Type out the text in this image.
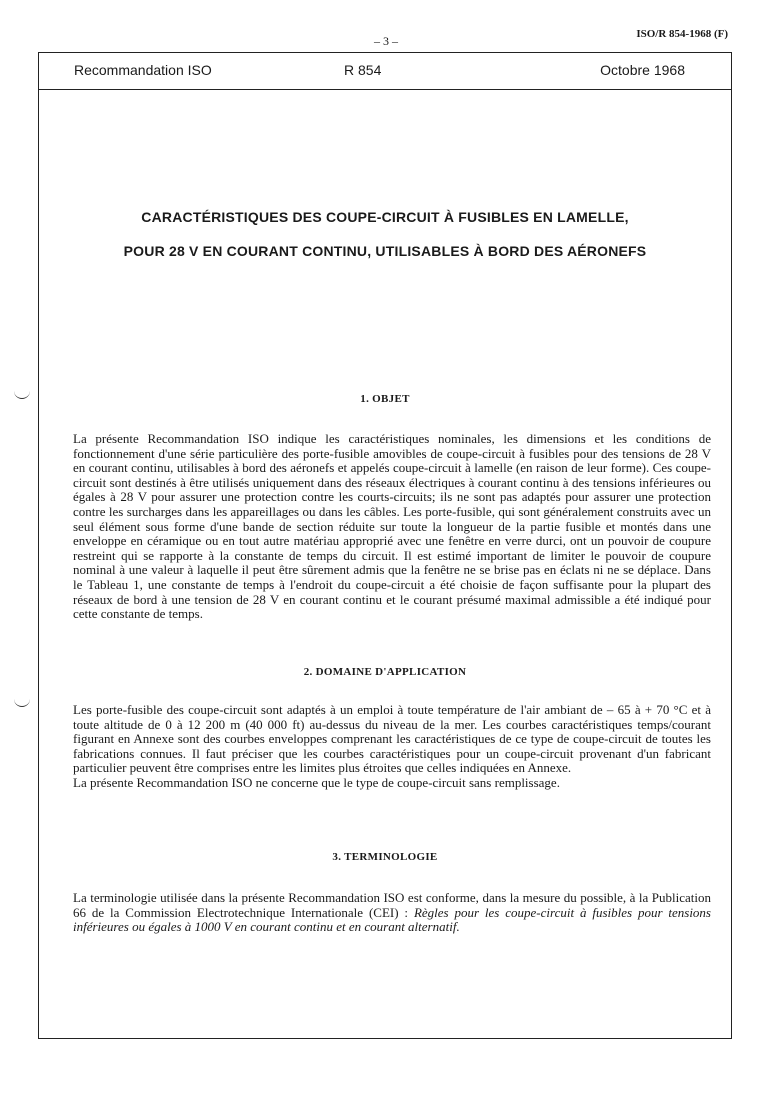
– 3 –	ISO/R 854-1968 (F)
Recommandation ISO	R 854	Octobre 1968
CARACTÉRISTIQUES DES COUPE-CIRCUIT À FUSIBLES EN LAMELLE,
POUR 28 V EN COURANT CONTINU, UTILISABLES À BORD DES AÉRONEFS
1. OBJET

La présente Recommandation ISO indique les caractéristiques nominales, les dimensions et les conditions de fonctionnement d'une série particulière des porte-fusible amovibles de coupe-circuit à fusibles pour des tensions de 28 V en courant continu, utilisables à bord des aéronefs et appelés coupe-circuit à lamelle (en raison de leur forme). Ces coupe-circuit sont destinés à être utilisés uniquement dans des réseaux électriques à courant continu à des tensions inférieures ou égales à 28 V pour assurer une protection contre les courts-circuits; ils ne sont pas adaptés pour assurer une protection contre les surcharges dans les appareillages ou dans les câbles. Les porte-fusible, qui sont généralement construits avec un seul élément sous forme d'une bande de section réduite sur toute la longueur de la partie fusible et montés dans une enveloppe en céramique ou en tout autre matériau approprié avec une fenêtre en verre durci, ont un pouvoir de coupure restreint qui se rapporte à la constante de temps du circuit. Il est estimé important de limiter le pouvoir de coupure nominal à une valeur à laquelle il peut être sûrement admis que la fenêtre ne se brise pas en éclats ni ne se déplace. Dans le Tableau 1, une constante de temps à l'endroit du coupe-circuit a été choisie de façon suffisante pour la plupart des réseaux de bord à une tension de 28 V en courant continu et le courant présumé maximal admissible a été indiqué pour cette constante de temps.

2. DOMAINE D'APPLICATION

Les porte-fusible des coupe-circuit sont adaptés à un emploi à toute température de l'air ambiant de – 65 à + 70 °C et à toute altitude de 0 à 12 200 m (40 000 ft) au-dessus du niveau de la mer. Les courbes caractéristiques temps/courant figurant en Annexe sont des courbes enveloppes comprenant les caractéristiques de ce type de coupe-circuit de toutes les fabrications connues. Il faut préciser que les courbes caractéristiques pour un coupe-circuit provenant d'un fabricant particulier peuvent être comprises entre les limites plus étroites que celles indiquées en Annexe.

La présente Recommandation ISO ne concerne que le type de coupe-circuit sans remplissage.

3. TERMINOLOGIE

La terminologie utilisée dans la présente Recommandation ISO est conforme, dans la mesure du possible, à la Publication 66 de la Commission Electrotechnique Internationale (CEI) : Règles pour les coupe-circuit à fusibles pour tensions inférieures ou égales à 1000 V en courant continu et en courant alternatif.
